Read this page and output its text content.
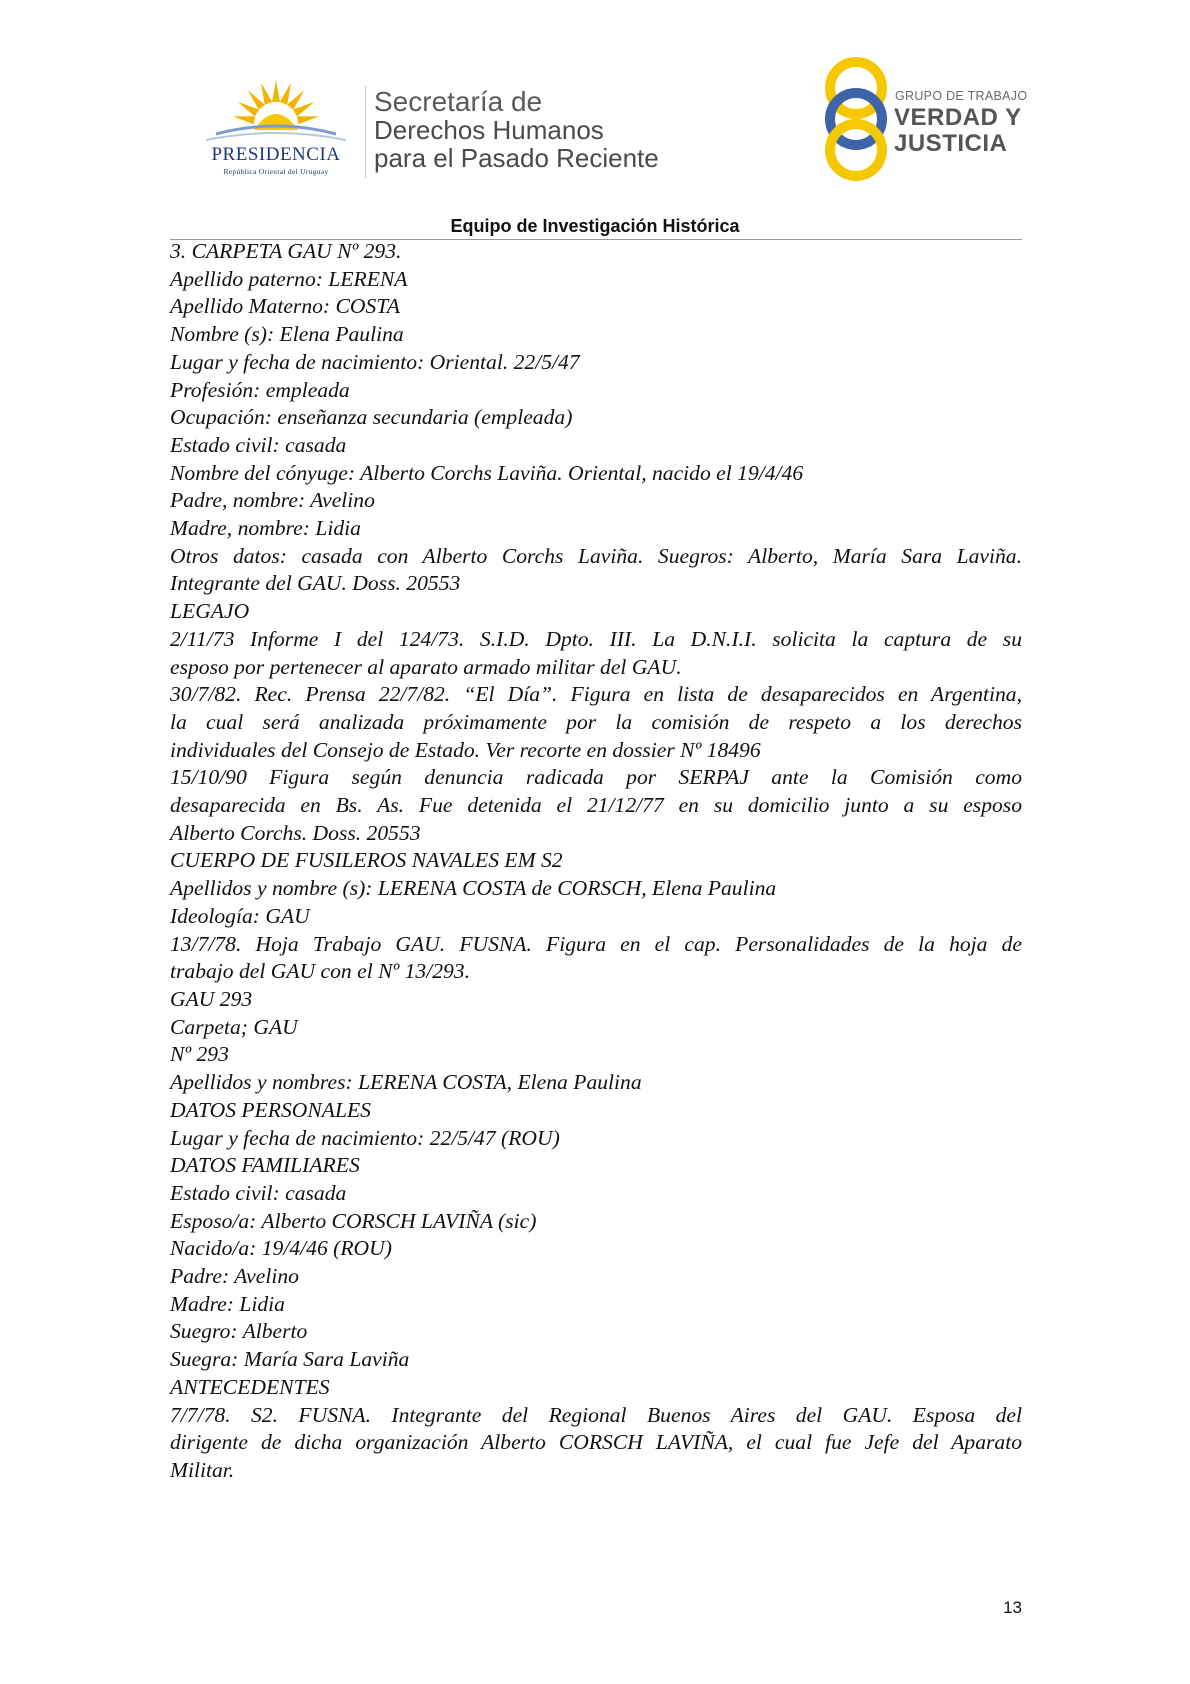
PRESIDENCIA
República Oriental del Uruguay
Secretaría de
Derechos Humanos
para el Pasado Reciente
GRUPO DE TRABAJO
VERDAD Y
JUSTICIA
Equipo de Investigación Histórica
3. CARPETA GAU Nº 293.
Apellido paterno: LERENA
Apellido Materno: COSTA
Nombre (s): Elena Paulina
Lugar y fecha de nacimiento: Oriental. 22/5/47
Profesión: empleada
Ocupación: enseñanza secundaria (empleada)
Estado civil: casada
Nombre del cónyuge: Alberto Corchs Laviña. Oriental, nacido el 19/4/46
Padre, nombre: Avelino
Madre, nombre: Lidia
Otros datos: casada con Alberto Corchs Laviña. Suegros: Alberto, María Sara Laviña.
Integrante del GAU. Doss. 20553
LEGAJO
2/11/73 Informe I del 124/73. S.I.D. Dpto. III. La D.N.I.I. solicita la captura de su
esposo por pertenecer al aparato armado militar del GAU.
30/7/82. Rec. Prensa 22/7/82. “El Día”. Figura en lista de desaparecidos en Argentina,
la cual será analizada próximamente por la comisión de respeto a los derechos
individuales del Consejo de Estado. Ver recorte en dossier Nº 18496
15/10/90 Figura según denuncia radicada por SERPAJ ante la Comisión como
desaparecida en Bs. As. Fue detenida el 21/12/77 en su domicilio junto a su esposo
Alberto Corchs. Doss. 20553
CUERPO DE FUSILEROS NAVALES EM S2
Apellidos y nombre (s): LERENA COSTA de CORSCH, Elena Paulina
Ideología: GAU
13/7/78. Hoja Trabajo GAU. FUSNA. Figura en el cap. Personalidades de la hoja de
trabajo del GAU con el Nº 13/293.
GAU 293
Carpeta; GAU
Nº 293
Apellidos y nombres: LERENA COSTA, Elena Paulina
DATOS PERSONALES
Lugar y fecha de nacimiento: 22/5/47 (ROU)
DATOS FAMILIARES
Estado civil: casada
Esposo/a: Alberto CORSCH LAVIÑA (sic)
Nacido/a: 19/4/46 (ROU)
Padre: Avelino
Madre: Lidia
Suegro: Alberto
Suegra: María Sara Laviña
ANTECEDENTES
7/7/78. S2. FUSNA. Integrante del Regional Buenos Aires del GAU. Esposa del
dirigente de dicha organización Alberto CORSCH LAVIÑA, el cual fue Jefe del Aparato
Militar.
13
